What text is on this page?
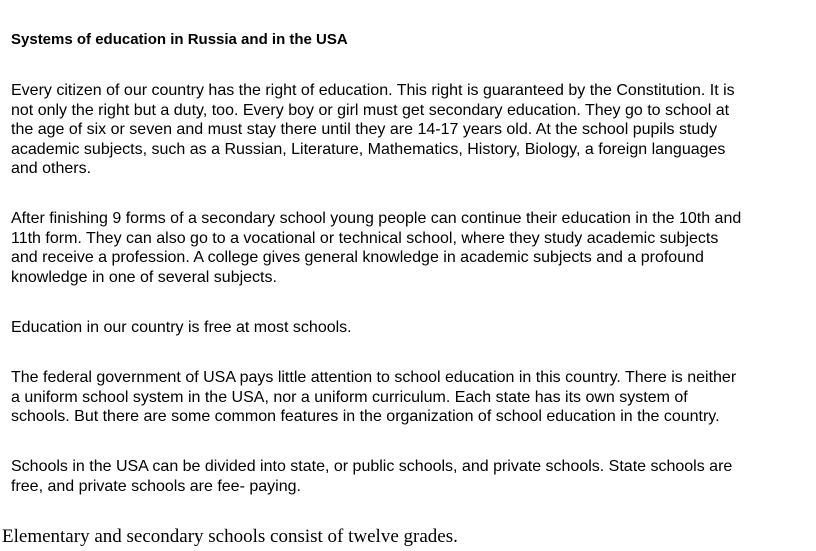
Systems of education in Russia and in the USA
Every citizen of our country has the right of education. This right is guaranteed by the Constitution. It is
not only the right but a duty, too. Every boy or girl must get secondary education. They go to school at
the age of six or seven and must stay there until they are 14-17 years old. At the school pupils study
academic subjects, such as a Russian, Literature, Mathematics, History, Biology, a foreign languages
and others.
After finishing 9 forms of a secondary school young people can continue their education in the 10th and
11th form. They can also go to a vocational or technical school, where they study academic subjects
and receive a profession. A college gives general knowledge in academic subjects and a profound
knowledge in one of several subjects.
Education in our country is free at most schools.
The federal government of USA pays little attention to school education in this country. There is neither
a uniform school system in the USA, nor a uniform curriculum. Each state has its own system of
schools. But there are some common features in the organization of school education in the country.
Schools in the USA can be divided into state, or public schools, and private schools. State schools are
free, and private schools are fee- paying.
Elementary and secondary schools consist of twelve grades.
